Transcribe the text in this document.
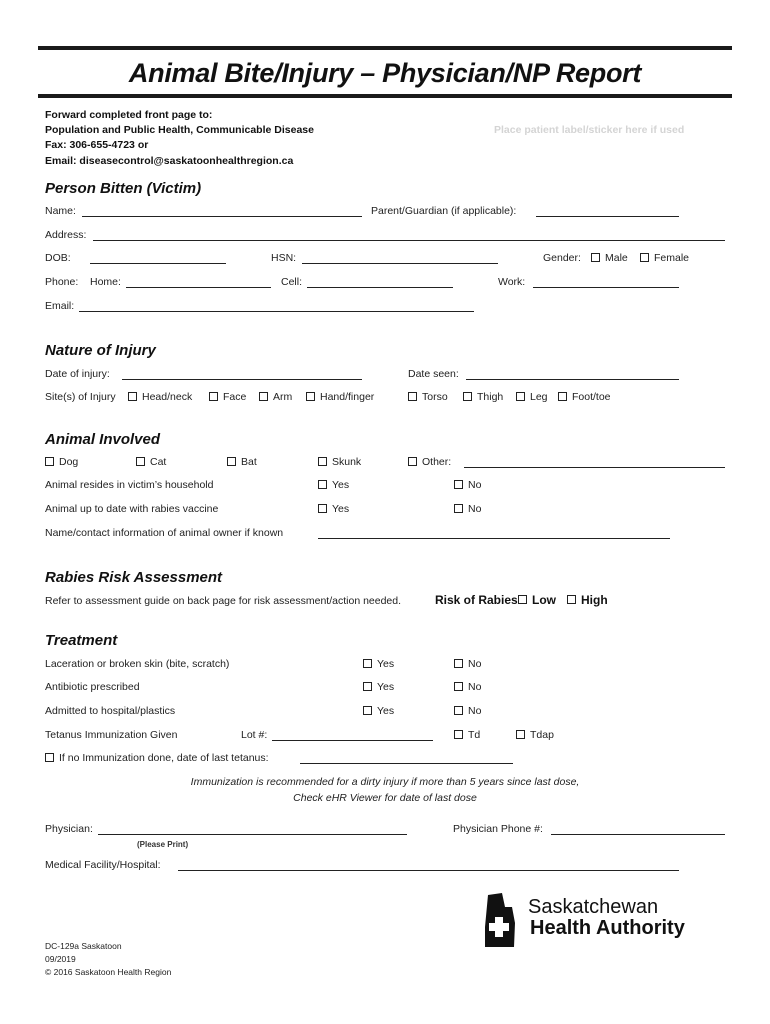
Animal Bite/Injury – Physician/NP Report
Forward completed front page to:
Population and Public Health, Communicable Disease
Fax: 306-655-4723 or
Email: diseasecontrol@saskatoonhealthregion.ca
Place patient label/sticker here if used
Person Bitten (Victim)
Name:	Parent/Guardian (if applicable):
Address:
DOB:	HSN:	Gender:	Male	Female
Phone: Home:	Cell:	Work:
Email:
Nature of Injury
Date of injury:	Date seen:
Site(s) of Injury	Head/neck	Face	Arm	Hand/finger	Torso	Thigh	Leg	Foot/toe
Animal Involved
Dog	Cat	Bat	Skunk	Other:
Animal resides in victim’s household	Yes	No
Animal up to date with rabies vaccine	Yes	No
Name/contact information of animal owner if known
Rabies Risk Assessment
Refer to assessment guide on back page for risk assessment/action needed.	Risk of Rabies	Low	High
Treatment
Laceration or broken skin (bite, scratch)	Yes	No
Antibiotic prescribed	Yes	No
Admitted to hospital/plastics	Yes	No
Tetanus Immunization Given	Lot #:	Td	Tdap
If no Immunization done, date of last tetanus:
Immunization is recommended for a dirty injury if more than 5 years since last dose,
Check eHR Viewer for date of last dose
Physician:
(Please Print)
Physician Phone #:
Medical Facility/Hospital:
Saskatchewan
Health Authority
DC-129a Saskatoon
09/2019
© 2016 Saskatoon Health Region
